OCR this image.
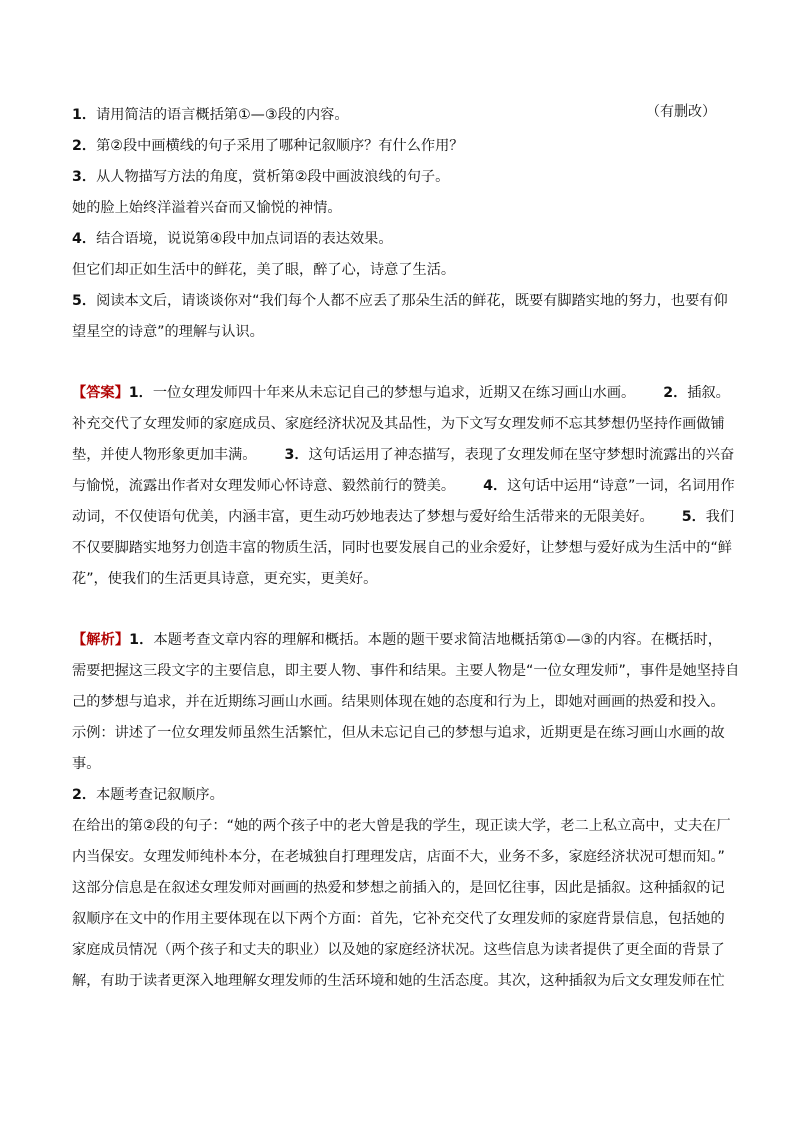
（有删改）
1．请用简洁的语言概括第①—③段的内容。
2．第②段中画横线的句子采用了哪种记叙顺序？有什么作用？
3．从人物描写方法的角度，赏析第②段中画波浪线的句子。
她的脸上始终洋溢着兴奋而又愉悦的神情。
4．结合语境，说说第④段中加点词语的表达效果。
但它们却正如生活中的鲜花，美了眼，醉了心，诗意了生活。
5．阅读本文后，请谈谈你对“我们每个人都不应丢了那朵生活的鲜花，既要有脚踏实地的努力，也要有仰
望星空的诗意”的理解与认识。
【答案】1．一位女理发师四十年来从未忘记自己的梦想与追求，近期又在练习画山水画。 2．插叙。
补充交代了女理发师的家庭成员、家庭经济状况及其品性，为下文写女理发师不忘其梦想仍坚持作画做铺
垫，并使人物形象更加丰满。 3．这句话运用了神态描写，表现了女理发师在坚守梦想时流露出的兴奋
与愉悦，流露出作者对女理发师心怀诗意、毅然前行的赞美。 4．这句话中运用“诗意”一词，名词用作
动词，不仅使语句优美，内涵丰富，更生动巧妙地表达了梦想与爱好给生活带来的无限美好。 5．我们
不仅要脚踏实地努力创造丰富的物质生活，同时也要发展自己的业余爱好，让梦想与爱好成为生活中的“鲜
花”，使我们的生活更具诗意，更充实，更美好。
【解析】1．本题考查文章内容的理解和概括。本题的题干要求简洁地概括第①—③的内容。在概括时，
需要把握这三段文字的主要信息，即主要人物、事件和结果。主要人物是“一位女理发师”，事件是她坚持自
己的梦想与追求，并在近期练习画山水画。结果则体现在她的态度和行为上，即她对画画的热爱和投入。
示例：讲述了一位女理发师虽然生活繁忙，但从未忘记自己的梦想与追求，近期更是在练习画山水画的故
事。
2．本题考查记叙顺序。
在给出的第②段的句子：“她的两个孩子中的老大曾是我的学生，现正读大学，老二上私立高中，丈夫在厂
内当保安。女理发师纯朴本分，在老城独自打理理发店，店面不大，业务不多，家庭经济状况可想而知。”
这部分信息是在叙述女理发师对画画的热爱和梦想之前插入的，是回忆往事，因此是插叙。这种插叙的记
叙顺序在文中的作用主要体现在以下两个方面：首先，它补充交代了女理发师的家庭背景信息，包括她的
家庭成员情况（两个孩子和丈夫的职业）以及她的家庭经济状况。这些信息为读者提供了更全面的背景了
解，有助于读者更深入地理解女理发师的生活环境和她的生活态度。其次，这种插叙为后文女理发师在忙
